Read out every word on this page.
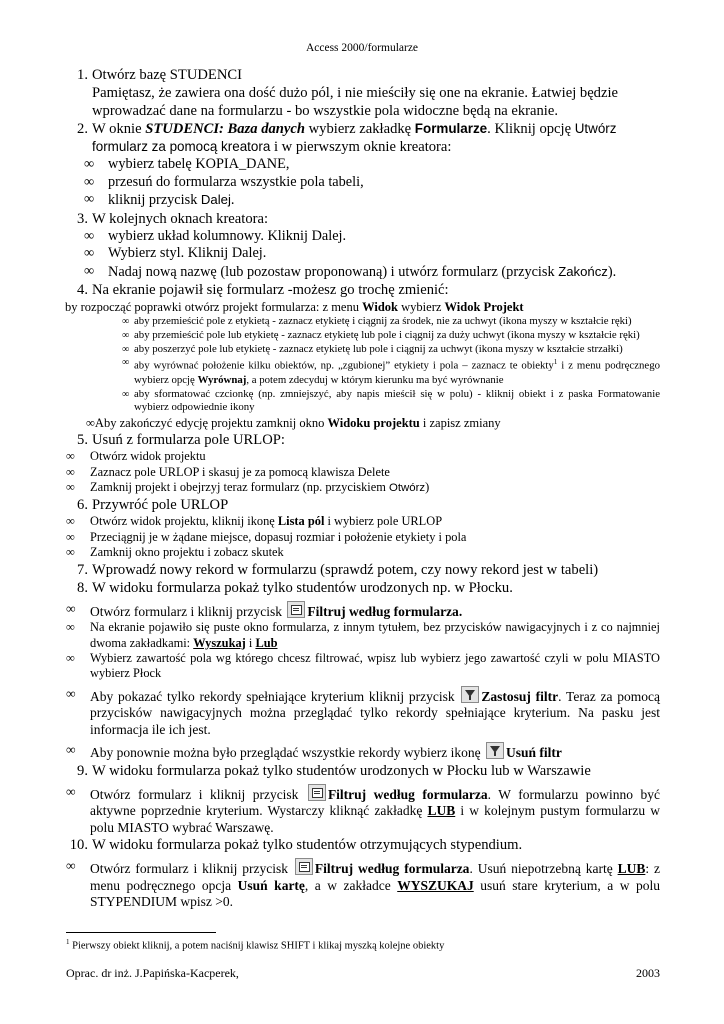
Access 2000/formularze
1. Otwórz bazę STUDENCI
Pamiętasz, że zawiera ona dość dużo pól, i nie mieściły się one na ekranie. Łatwiej będzie wprowadzać dane na formularzu - bo wszystkie pola widoczne będą na ekranie.
2. W oknie STUDENCI: Baza danych wybierz zakładkę Formularze. Kliknij opcję Utwórz formularz za pomocą kreatora i w pierwszym oknie kreatora:
∞ wybierz tabelę KOPIA_DANE,
∞ przesuń do formularza wszystkie pola tabeli,
∞ kliknij przycisk Dalej.
3. W kolejnych oknach kreatora:
∞ wybierz układ kolumnowy. Kliknij Dalej.
∞ Wybierz styl. Kliknij Dalej.
∞ Nadaj nową nazwę (lub pozostaw proponowaną) i utwórz formularz (przycisk Zakończ).
4. Na ekranie pojawił się formularz -możesz go trochę zmienić:
by rozpocząć poprawki otwórz projekt formularza: z menu Widok wybierz Widok Projekt
∞ aby przemieścić pole z etykietą - zaznacz etykietę i ciągnij za środek, nie za uchwyt (ikona myszy w kształcie ręki)
∞ aby przemieścić pole lub etykietę - zaznacz etykietę lub pole i ciągnij za duży uchwyt (ikona myszy w kształcie ręki)
∞ aby poszerzyć pole lub etykietę - zaznacz etykietę lub pole i ciągnij za uchwyt (ikona myszy w kształcie strzałki)
∞ aby wyrównać położenie kilku obiektów, np. „zgubionej” etykiety i pola – zaznacz te obiekty$^1$ i z menu podręcznego wybierz opcję Wyrównaj, a potem zdecyduj w którym kierunku ma być wyrównanie
∞ aby sformatować czcionkę (np. zmniejszyć, aby napis mieścił się w polu) - kliknij obiekt i z paska Formatowanie wybierz odpowiednie ikony
∞Aby zakończyć edycję projektu zamknij okno Widoku projektu i zapisz zmiany
5. Usuń z formularza pole URLOP:
∞ Otwórz widok projektu
∞ Zaznacz pole URLOP i skasuj je za pomocą klawisza Delete
∞ Zamknij projekt i obejrzyj teraz formularz (np. przyciskiem Otwórz)
6. Przywróć pole URLOP
∞ Otwórz widok projektu, kliknij ikonę Lista pól i wybierz pole URLOP
∞ Przeciągnij je w żądane miejsce, dopasuj rozmiar i położenie etykiety i pola
∞ Zamknij okno projektu i zobacz skutek
7. Wprowadź nowy rekord w formularzu (sprawdź potem, czy nowy rekord jest w tabeli)
8. W widoku formularza pokaż tylko studentów urodzonych np. w Płocku.
∞ Otwórz formularz i kliknij przycisk Filtruj według formularza.
∞ Na ekranie pojawiło się puste okno formularza, z innym tytułem, bez przycisków nawigacyjnych i z co najmniej dwoma zakładkami: Wyszukaj i Lub
∞ Wybierz zawartość pola wg którego chcesz filtrować, wpisz lub wybierz jego zawartość czyli w polu MIASTO wybierz Płock
∞ Aby pokazać tylko rekordy spełniające kryterium kliknij przycisk Zastosuj filtr. Teraz za pomocą przycisków nawigacyjnych można przeglądać tylko rekordy spełniające kryterium. Na pasku jest informacja ile ich jest.
∞ Aby ponownie można było przeglądać wszystkie rekordy wybierz ikonę Usuń filtr
9. W widoku formularza pokaż tylko studentów urodzonych w Płocku lub w Warszawie
∞ Otwórz formularz i kliknij przycisk Filtruj według formularza. W formularzu powinno być aktywne poprzednie kryterium. Wystarczy kliknąć zakładkę LUB i w kolejnym pustym formularzu w polu MIASTO wybrać Warszawę.
10. W widoku formularza pokaż tylko studentów otrzymujących stypendium.
∞ Otwórz formularz i kliknij przycisk Filtruj według formularza. Usuń niepotrzebną kartę LUB: z menu podręcznego opcja Usuń kartę, a w zakładce WYSZUKAJ usuń stare kryterium, a w polu STYPENDIUM wpisz >0.
$^1$ Pierwszy obiekt kliknij, a potem naciśnij klawisz SHIFT i klikaj myszką kolejne obiekty
Oprac. dr inż. J.Papińska-Kacperek,	2003
